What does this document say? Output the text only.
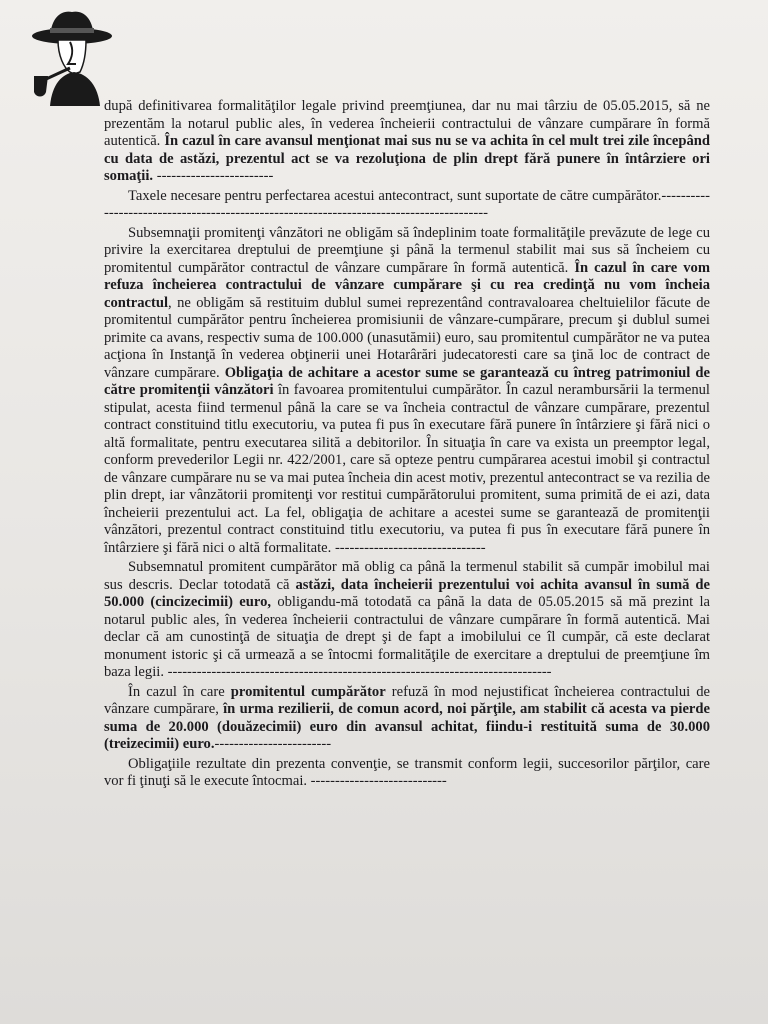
după definitivarea formalităţilor legale privind preemţiunea, dar nu mai târziu de 05.05.2015, să ne prezentăm la notarul public ales, în vederea încheierii contractului de vânzare cumpărare în formă autentică. În cazul în care avansul menţionat mai sus nu se va achita în cel mult trei zile începând cu data de astăzi, prezentul act se va rezoluţiona de plin drept fără punere în întârziere ori somaţii. ------------------------

Taxele necesare pentru perfectarea acestui antecontract, sunt suportate de către cumpărător.-----------------------------------------------------------------------------------------

Subsemnaţii promitenţi vânzători ne obligăm să îndeplinim toate formalităţile prevăzute de lege cu privire la exercitarea dreptului de preemţiune şi până la termenul stabilit mai sus să încheiem cu promitentul cumpărător contractul de vânzare cumpărare în formă autentică. În cazul în care vom refuza încheierea contractului de vânzare cumpărare şi cu rea credinţă nu vom încheia contractul, ne obligăm să restituim dublul sumei reprezentând contravaloarea cheltuielilor făcute de promitentul cumpărător pentru încheierea promisiunii de vânzare-cumpărare, precum şi dublul sumei primite ca avans, respectiv suma de 100.000 (unasutămii) euro, sau promitentul cumpărător ne va putea acţiona în Instanţă în vederea obţinerii unei Hotarârări judecatoresti care sa ţină loc de contract de vânzare cumpărare. Obligaţia de achitare a acestor sume se garantează cu întreg patrimoniul de către promitenţii vânzători în favoarea promitentului cumpărător. În cazul nerambursării la termenul stipulat, acesta fiind termenul până la care se va încheia contractul de vânzare cumpărare, prezentul contract constituind titlu executoriu, va putea fi pus în executare fără punere în întârziere şi fără nici o altă formalitate, pentru executarea silită a debitorilor. În situaţia în care va exista un preemptor legal, conform prevederilor Legii nr. 422/2001, care să opteze pentru cumpărarea acestui imobil şi contractul de vânzare cumpărare nu se va mai putea încheia din acest motiv, prezentul antecontract se va rezilia de plin drept, iar vânzătorii promitenţi vor restitui cumpărătorului promitent, suma primită de ei azi, data încheierii prezentului act. La fel, obligaţia de achitare a acestei sume se garantează de promitenţii vânzători, prezentul contract constituind titlu executoriu, va putea fi pus în executare fără punere în întârziere şi fără nici o altă formalitate. -------------------------------

Subsemnatul promitent cumpărător mă oblig ca până la termenul stabilit să cumpăr imobilul mai sus descris. Declar totodată că astăzi, data încheierii prezentului voi achita avansul în sumă de 50.000 (cincizecimii) euro, obligandu-mă totodată ca până la data de 05.05.2015 să mă prezint la notarul public ales, în vederea încheierii contractului de vânzare cumpărare în formă autentică. Mai declar că am cunostinţă de situaţia de drept şi de fapt a imobilului ce îl cumpăr, că este declarat monument istoric şi că urmează a se întocmi formalităţile de exercitare a dreptului de preemţiune îm baza legii. -------------------------------------------------------------------------------

În cazul în care promitentul cumpărător refuză în mod nejustificat încheierea contractului de vânzare cumpărare, în urma rezilierii, de comun acord, noi părţile, am stabilit că acesta va pierde suma de 20.000 (douăzecimii) euro din avansul achitat, fiindu-i restituită suma de 30.000 (treizecimii) euro.------------------------

Obligaţiile rezultate din prezenta convenţie, se transmit conform legii, succesorilor părţilor, care vor fi ţinuţi să le execute întocmai. ----------------------------
